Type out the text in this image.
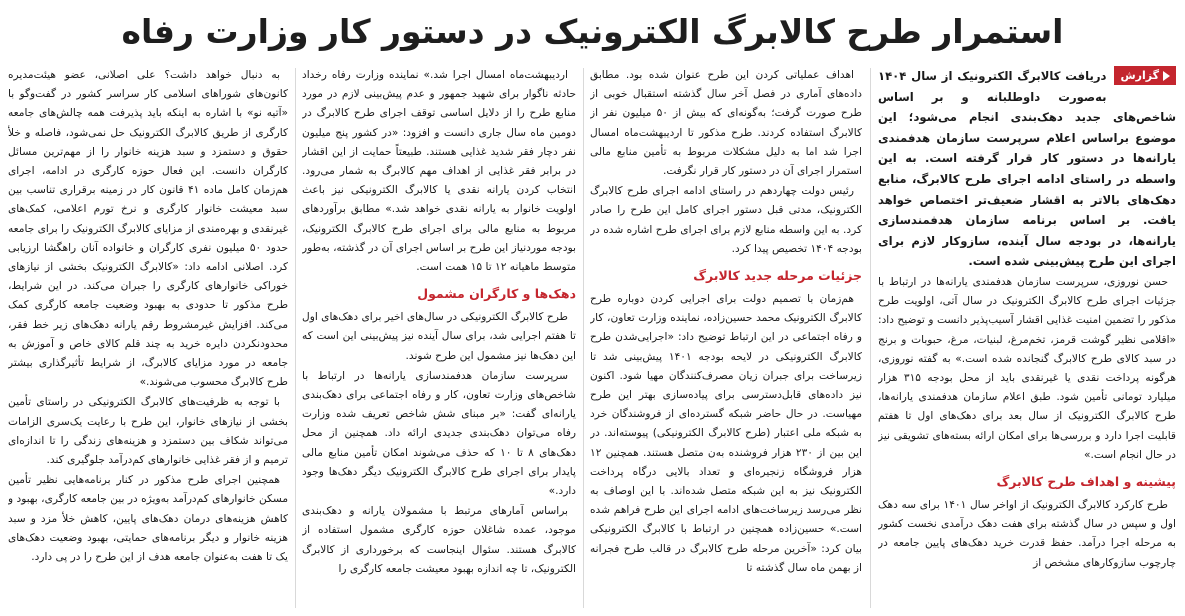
استمرار طرح کالابرگ الکترونیک در دستور کار وزارت رفاه
گزارش

دریافت کالابرگ الکترونیک از سال ۱۴۰۴ به‌صورت داوطلبانه و بر اساس شاخص‌های جدید دهک‌بندی انجام می‌شود؛ این موضوع براساس اعلام سرپرست سازمان هدفمندی یارانه‌ها در دستور کار قرار گرفته است. به این واسطه در راستای ادامه اجرای طرح کالابرگ، منابع دهک‌های بالاتر به اقشار ضعیف‌تر اختصاص خواهد یافت. بر اساس برنامه سازمان هدفمندسازی یارانه‌ها، در بودجه سال آینده، سازوکار لازم برای اجرای این طرح پیش‌بینی شده است.

حسن نوروزی، سرپرست سازمان هدفمندی یارانه‌ها در ارتباط با جزئیات اجرای طرح کالابرگ الکترونیک در سال آتی، اولویت طرح مذکور را تضمین امنیت غذایی اقشار آسیب‌پذیر دانست و توضیح داد: «اقلامی نظیر گوشت قرمز، تخم‌مرغ، لبنیات، مرغ، حبوبات و برنج در سبد کالای طرح کالابرگ گنجانده شده است.» به گفته نوروزی، هرگونه پرداخت نقدی یا غیرنقدی باید از محل بودجه ۳۱۵ هزار میلیارد تومانی تأمین شود. طبق اعلام سازمان هدفمندی یارانه‌ها، طرح کالابرگ الکترونیک از سال بعد برای دهک‌های اول تا هفتم قابلیت اجرا دارد و بررسی‌ها برای امکان ارائه بسته‌های تشویقی نیز در حال انجام است.»

پیشینه و اهداف طرح کالابرگ

طرح کارکرد کالابرگ الکترونیک از اواخر سال ۱۴۰۱ برای سه دهک اول و سپس در سال گذشته برای هفت دهک درآمدی نخست کشور به مرحله اجرا درآمد. حفظ قدرت خرید دهک‌های پایین جامعه در چارچوب سازوکارهای مشخص از

اهداف عملیاتی کردن این طرح عنوان شده بود. مطابق داده‌های آماری در فصل آخر سال گذشته استقبال خوبی از طرح صورت گرفت؛ به‌گونه‌ای که بیش از ۵۰ میلیون نفر از کالابرگ استفاده کردند. طرح مذکور تا اردیبهشت‌ماه امسال اجرا شد اما به دلیل مشکلات مربوط به تأمین منابع مالی استمرار اجرای آن در دستور کار قرار نگرفت.

رئیس دولت چهاردهم در راستای ادامه اجرای طرح کالابرگ الکترونیک، مدتی قبل دستور اجرای کامل این طرح را صادر کرد. به این واسطه منابع لازم برای اجرای طرح اشاره شده در بودجه ۱۴۰۴ تخصیص پیدا کرد.

جزئیات مرحله جدید کالابرگ

هم‌زمان با تصمیم دولت برای اجرایی کردن دوباره طرح کالابرگ الکترونیک محمد حسین‌زاده، نماینده وزارت تعاون، کار و رفاه اجتماعی در این ارتباط توضیح داد: «اجرایی‌شدن طرح کالابرگ الکترونیکی در لایحه بودجه ۱۴۰۱ پیش‌بینی شد تا زیرساخت برای جبران زیان مصرف‌کنندگان مهیا شود. اکنون نیز داده‌های قابل‌دسترسی برای پیاده‌سازی بهتر این طرح مهیاست. در حال حاضر شبکه گسترده‌ای از فروشندگان خرد به شبکه ملی اعتبار (طرح کالابرگ الکترونیکی) پیوسته‌اند. در این بین از ۲۳۰ هزار فروشنده به‌ن متصل هستند. همچنین ۱۲ هزار فروشگاه زنجیره‌ای و تعداد بالایی درگاه پرداخت الکترونیک نیز به این شبکه متصل شده‌اند. با این اوصاف به نظر می‌رسد زیرساخت‌های ادامه اجرای این طرح فراهم شده است.» حسین‌زاده همچنین در ارتباط با کالابرگ الکترونیکی بیان کرد: «آخرین مرحله طرح کالابرگ در قالب طرح فجرانه از بهمن ماه سال گذشته تا

اردیبهشت‌ماه امسال اجرا شد.» نماینده وزارت رفاه رخداد حادثه ناگوار برای شهید جمهور و عدم پیش‌بینی لازم در مورد منابع طرح را از دلایل اساسی توقف اجرای طرح کالابرگ در دومین ماه سال جاری دانست و افزود: «در کشور پنج میلیون نفر دچار فقر شدید غذایی هستند. طبیعتاً حمایت از این اقشار در برابر فقر غذایی از اهداف مهم کالابرگ به شمار می‌رود. انتخاب کردن یارانه نقدی یا کالابرگ الکترونیکی نیز باعث اولویت خانوار به یارانه نقدی خواهد شد.» مطابق برآوردهای مربوط به منابع مالی برای اجرای طرح کالابرگ الکترونیک، بودجه موردنیاز این طرح بر اساس اجرای آن در گذشته، به‌طور متوسط ماهیانه ۱۲ تا ۱۵ همت است.

دهک‌ها و کارگران مشمول

طرح کالابرگ الکترونیکی در سال‌های اخیر برای دهک‌های اول تا هفتم اجرایی شد، برای سال آینده نیز پیش‌بینی این است که این دهک‌ها نیز مشمول این طرح شوند.

سرپرست سازمان هدفمندسازی یارانه‌ها در ارتباط با شاخص‌های وزارت تعاون، کار و رفاه اجتماعی برای دهک‌بندی یارانه‌ای گفت: «بر مبنای شش شاخص تعریف شده وزارت رفاه می‌توان دهک‌بندی جدیدی ارائه داد. همچنین از محل دهک‌های ۸ تا ۱۰ که حذف می‌شوند امکان تأمین منابع مالی پایدار برای اجرای طرح کالابرگ الکترونیک دیگر دهک‌ها وجود دارد.»

براساس آمارهای مرتبط با مشمولان یارانه و دهک‌بندی موجود، عمده شاغلان حوزه کارگری مشمول استفاده از کالابرگ هستند. سئوال اینجاست که برخورداری از کالابرگ الکترونیک، تا چه اندازه بهبود معیشت جامعه کارگری را

به دنبال خواهد داشت؟ علی اصلانی، عضو هیئت‌مدیره کانون‌های شوراهای اسلامی کار سراسر کشور در گفت‌وگو با «آتیه نو» با اشاره به اینکه باید پذیرفت همه چالش‌های جامعه کارگری از طریق کالابرگ الکترونیک حل نمی‌شود، فاصله و خلأ حقوق و دستمزد و سبد هزینه خانوار را از مهم‌ترین مسائل کارگران دانست. این فعال حوزه کارگری در ادامه، اجرای هم‌زمان کامل ماده ۴۱ قانون کار در زمینه برقراری تناسب بین سبد معیشت خانوار کارگری و نرخ تورم اعلامی، کمک‌های غیرنقدی و بهره‌مندی از مزایای کالابرگ الکترونیک را برای جامعه حدود ۵۰ میلیون نفری کارگران و خانواده آنان راهگشا ارزیابی کرد. اصلانی ادامه داد: «کالابرگ الکترونیک بخشی از نیازهای خوراکی خانوارهای کارگری را جبران می‌کند. در این شرایط، طرح مذکور تا حدودی به بهبود وضعیت جامعه کارگری کمک می‌کند. افزایش غیرمشروط رقم یارانه دهک‌های زیر خط فقر، محدودنکردن دایره خرید به چند قلم کالای خاص و آموزش به جامعه در مورد مزایای کالابرگ، از شرایط تأثیرگذاری بیشتر طرح کالابرگ محسوب می‌شوند.»

با توجه به ظرفیت‌های کالابرگ الکترونیکی در راستای تأمین بخشی از نیازهای خانوار، این طرح با رعایت یک‌سری الزامات می‌تواند شکاف بین دستمزد و هزینه‌های زندگی را تا اندازه‌ای ترمیم و از فقر غذایی خانوارهای کم‌درآمد جلوگیری کند.

همچنین اجرای طرح مذکور در کنار برنامه‌هایی نظیر تأمین مسکن خانوارهای کم‌درآمد به‌ویژه در بین جامعه کارگری، بهبود و کاهش هزینه‌های درمان دهک‌های پایین، کاهش خلأ مزد و سبد هزینه خانوار و دیگر برنامه‌های حمایتی، بهبود وضعیت دهک‌های یک تا هفت به‌عنوان جامعه هدف از این طرح را در پی دارد.
